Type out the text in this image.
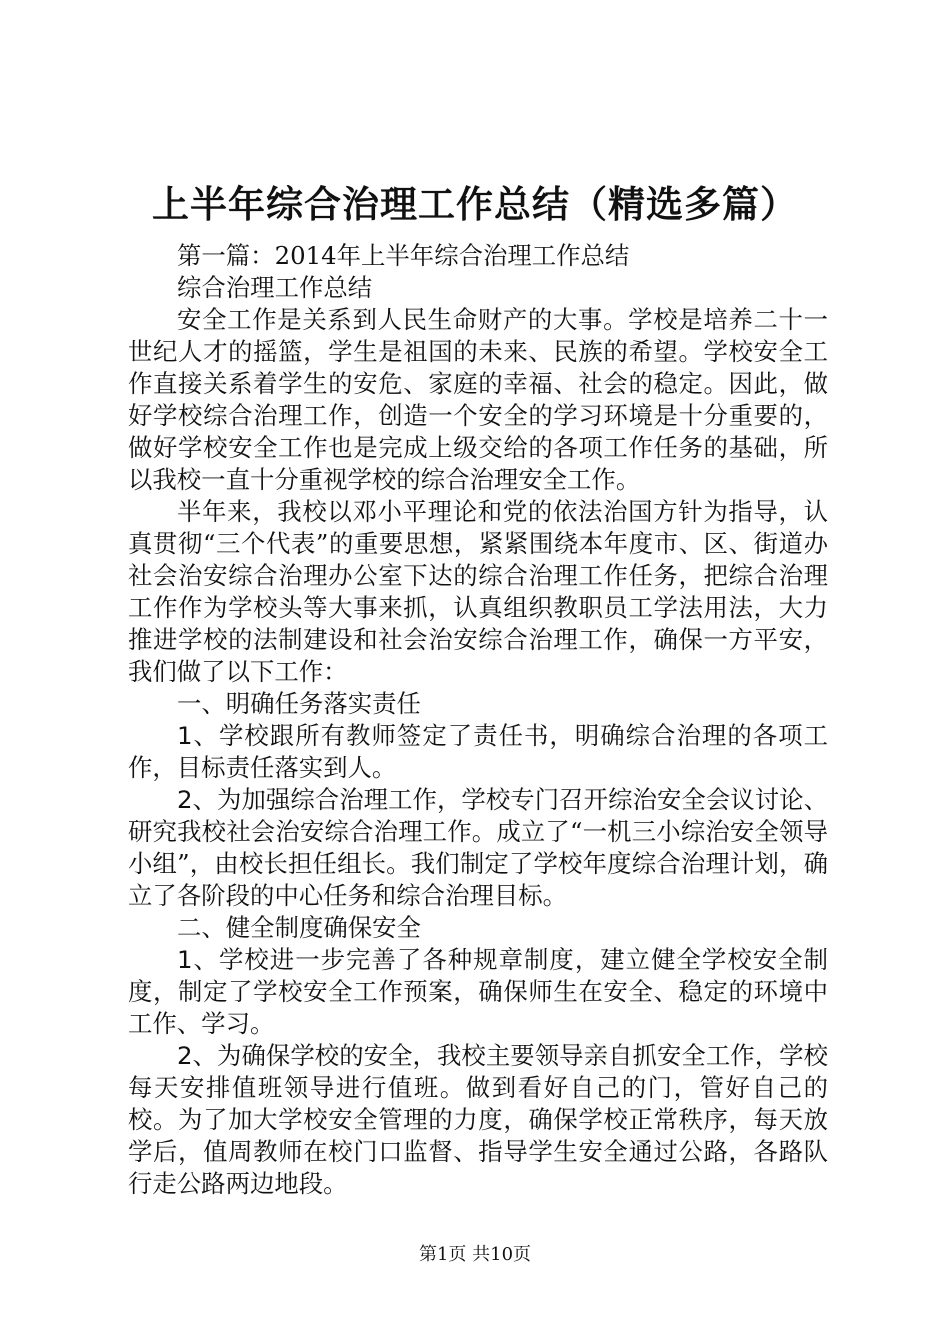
上半年综合治理工作总结（精选多篇）

第一篇：2014年上半年综合治理工作总结

综合治理工作总结

安全工作是关系到人民生命财产的大事。学校是培养二十一世纪人才的摇篮，学生是祖国的未来、民族的希望。学校安全工作直接关系着学生的安危、家庭的幸福、社会的稳定。因此，做好学校综合治理工作，创造一个安全的学习环境是十分重要的，做好学校安全工作也是完成上级交给的各项工作任务的基础，所以我校一直十分重视学校的综合治理安全工作。

半年来，我校以邓小平理论和党的依法治国方针为指导，认真贯彻“三个代表”的重要思想，紧紧围绕本年度市、区、街道办社会治安综合治理办公室下达的综合治理工作任务，把综合治理工作作为学校头等大事来抓，认真组织教职员工学法用法，大力推进学校的法制建设和社会治安综合治理工作，确保一方平安，我们做了以下工作：

一、明确任务落实责任

1、学校跟所有教师签定了责任书，明确综合治理的各项工作，目标责任落实到人。

2、为加强综合治理工作，学校专门召开综治安全会议讨论、研究我校社会治安综合治理工作。成立了“一机三小综治安全领导小组”，由校长担任组长。我们制定了学校年度综合治理计划，确立了各阶段的中心任务和综合治理目标。

二、健全制度确保安全

1、学校进一步完善了各种规章制度，建立健全学校安全制度，制定了学校安全工作预案，确保师生在安全、稳定的环境中工作、学习。

2、为确保学校的安全，我校主要领导亲自抓安全工作，学校每天安排值班领导进行值班。做到看好自己的门，管好自己的校。为了加大学校安全管理的力度，确保学校正常秩序，每天放学后，值周教师在校门口监督、指导学生安全通过公路，各路队行走公路两边地段。

第1页 共10页
